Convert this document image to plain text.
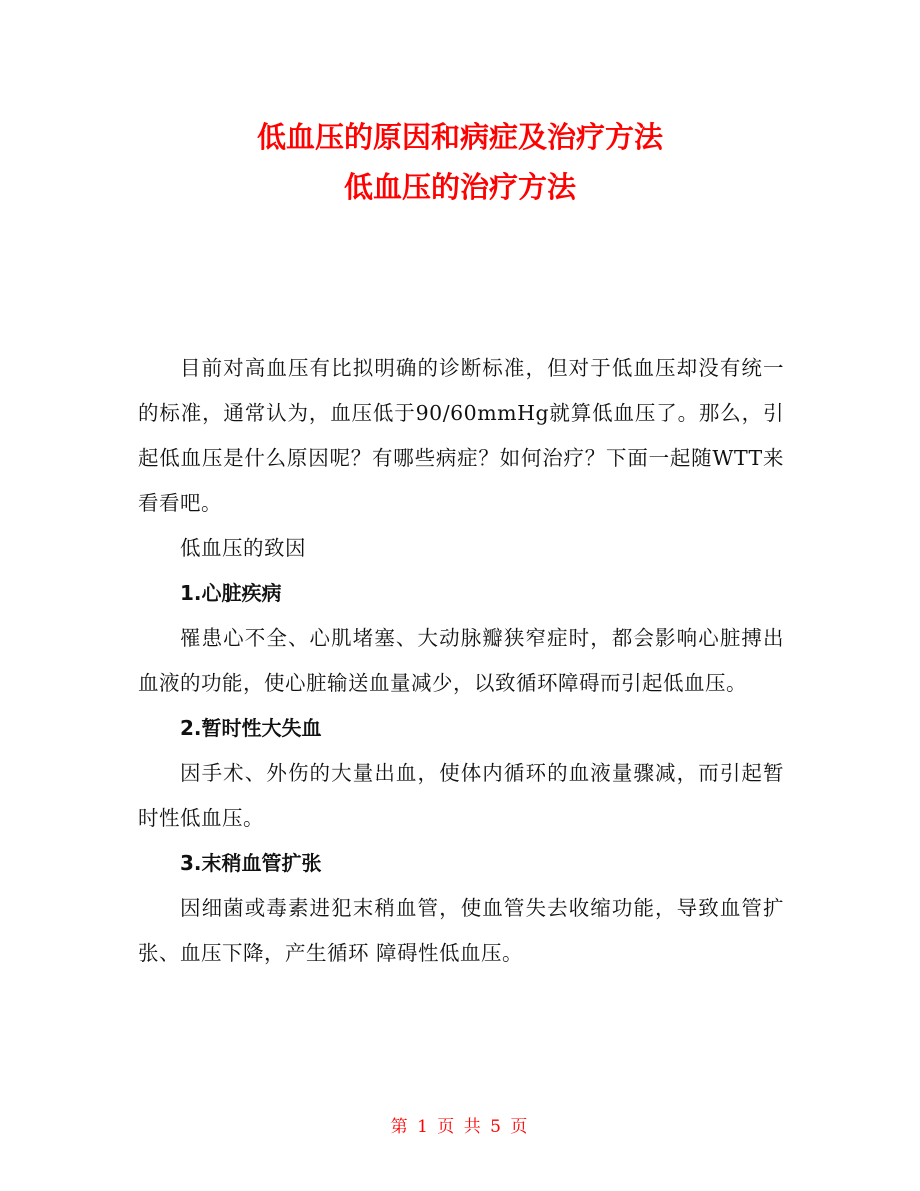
低血压的原因和病症及治疗方法

低血压的治疗方法

目前对高血压有比拟明确的诊断标准，但对于低血压却没有统一的标准，通常认为，血压低于90/60mmHg就算低血压了。那么，引起低血压是什么原因呢？有哪些病症？如何治疗？下面一起随WTT来看看吧。

低血压的致因

1.心脏疾病

罹患心不全、心肌堵塞、大动脉瓣狭窄症时，都会影响心脏搏出血液的功能，使心脏输送血量减少，以致循环障碍而引起低血压。

2.暂时性大失血

因手术、外伤的大量出血，使体内循环的血液量骤减，而引起暂时性低血压。

3.末稍血管扩张

因细菌或毒素进犯末稍血管，使血管失去收缩功能，导致血管扩张、血压下降，产生循环 障碍性低血压。

第 1 页 共 5 页
